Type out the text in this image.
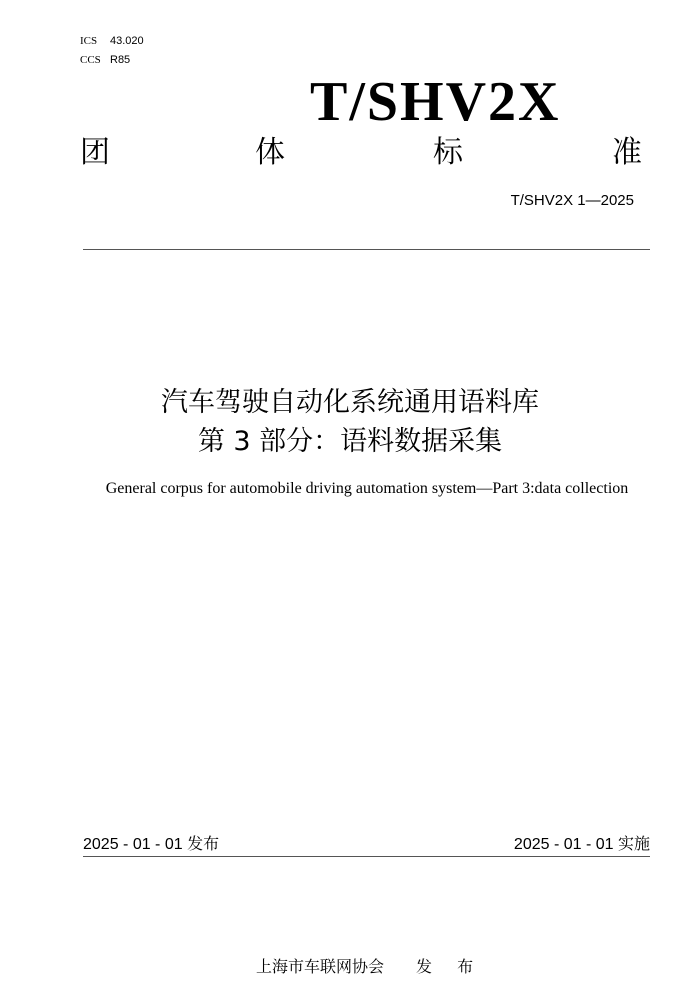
ICS 43.020
CCS R85
T/SHV2X
团	体	标	准
T/SHV2X 1—2025
汽车驾驶自动化系统通用语料库
第 3 部分：语料数据采集
General corpus for automobile driving automation system—Part 3:data collection
2025 - 01 - 01 发布	2025 - 01 - 01 实施
上海市车联网协会 发 布
